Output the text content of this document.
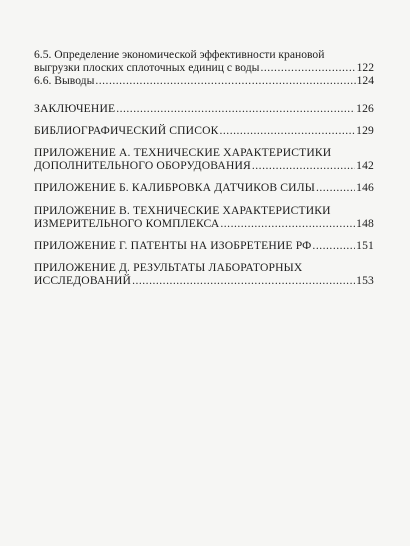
6.5. Определение экономической эффективности крановой
выгрузки плоских сплоточных единиц с воды .....	122
6.6. Выводы .....	124
ЗАКЛЮЧЕНИЕ .....	126
БИБЛИОГРАФИЧЕСКИЙ СПИСОК .....	129
ПРИЛОЖЕНИЕ А. ТЕХНИЧЕСКИЕ ХАРАКТЕРИСТИКИ
ДОПОЛНИТЕЛЬНОГО ОБОРУДОВАНИЯ .....	142
ПРИЛОЖЕНИЕ Б. КАЛИБРОВКА ДАТЧИКОВ СИЛЫ .....	146
ПРИЛОЖЕНИЕ В. ТЕХНИЧЕСКИЕ ХАРАКТЕРИСТИКИ
ИЗМЕРИТЕЛЬНОГО КОМПЛЕКСА .....	148
ПРИЛОЖЕНИЕ Г. ПАТЕНТЫ НА ИЗОБРЕТЕНИЕ РФ .....	151
ПРИЛОЖЕНИЕ Д. РЕЗУЛЬТАТЫ ЛАБОРАТОРНЫХ
ИССЛЕДОВАНИЙ .....	153
